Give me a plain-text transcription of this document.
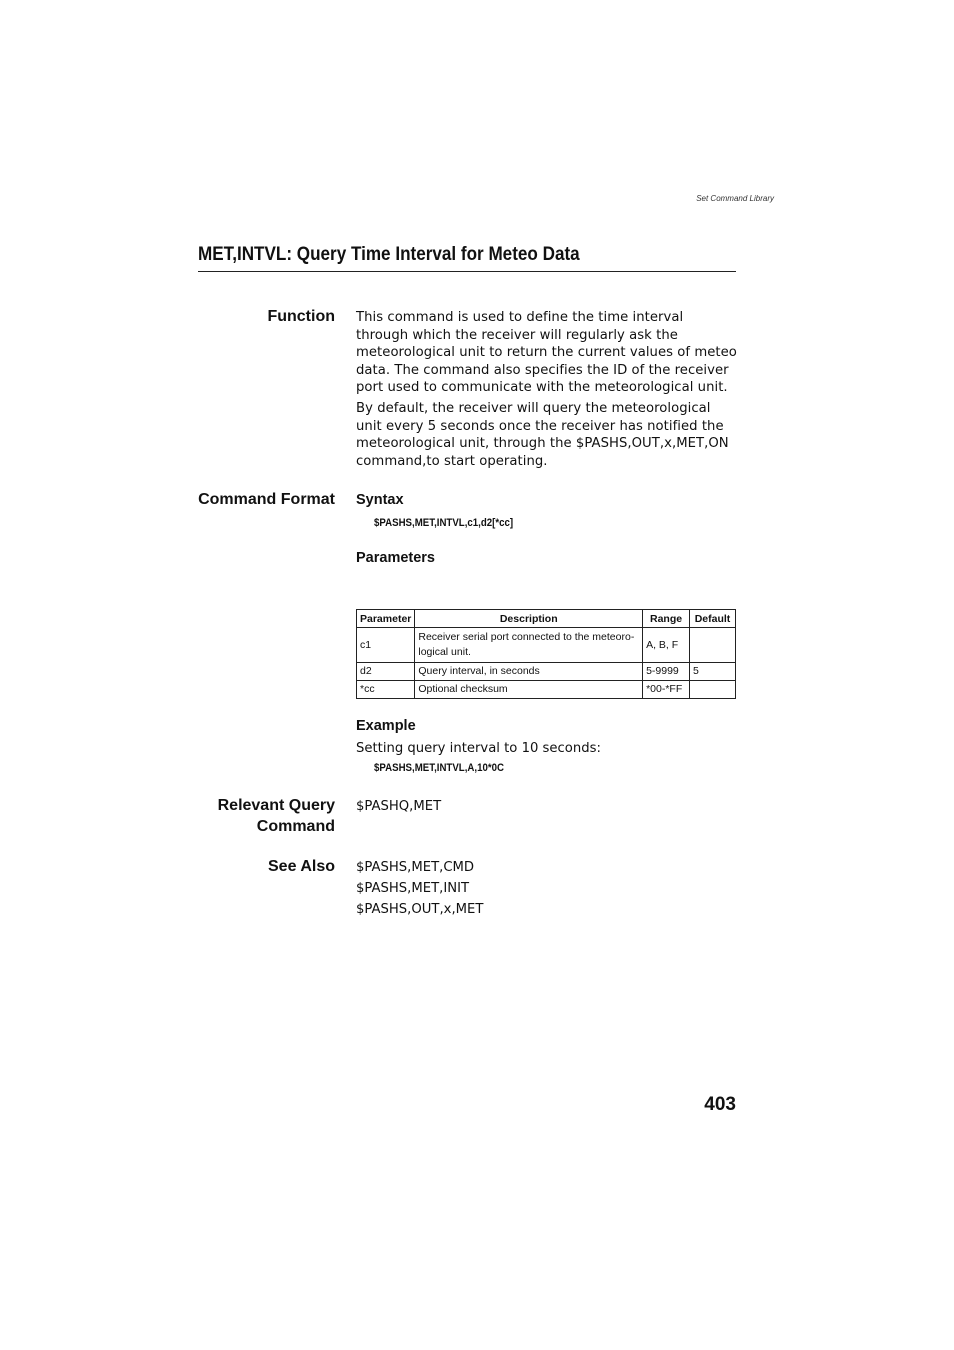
Set Command Library
MET,INTVL: Query Time Interval for Meteo Data
Function This command is used to define the time interval through which the receiver will regularly ask the meteorological unit to return the current values of meteo data. The command also specifies the ID of the receiver port used to communicate with the meteorological unit.
By default, the receiver will query the meteorological unit every 5 seconds once the receiver has notified the meteorological unit, through the $PASHS,OUT,x,MET,ON command,to start operating.
Command Format Syntax
$PASHS,MET,INTVL,c1,d2[*cc]
Parameters
Parameter	Description	Range	Default
c1	Receiver serial port connected to the meteoro-logical unit.	A, B, F	
d2	Query interval, in seconds	5-9999	5
*cc	Optional checksum	*00-*FF	
Example
Setting query interval to 10 seconds:
$PASHS,MET,INTVL,A,10*0C
Relevant Query
Command
$PASHQ,MET
See Also $PASHS,MET,CMD
$PASHS,MET,INIT
$PASHS,OUT,x,MET
403
